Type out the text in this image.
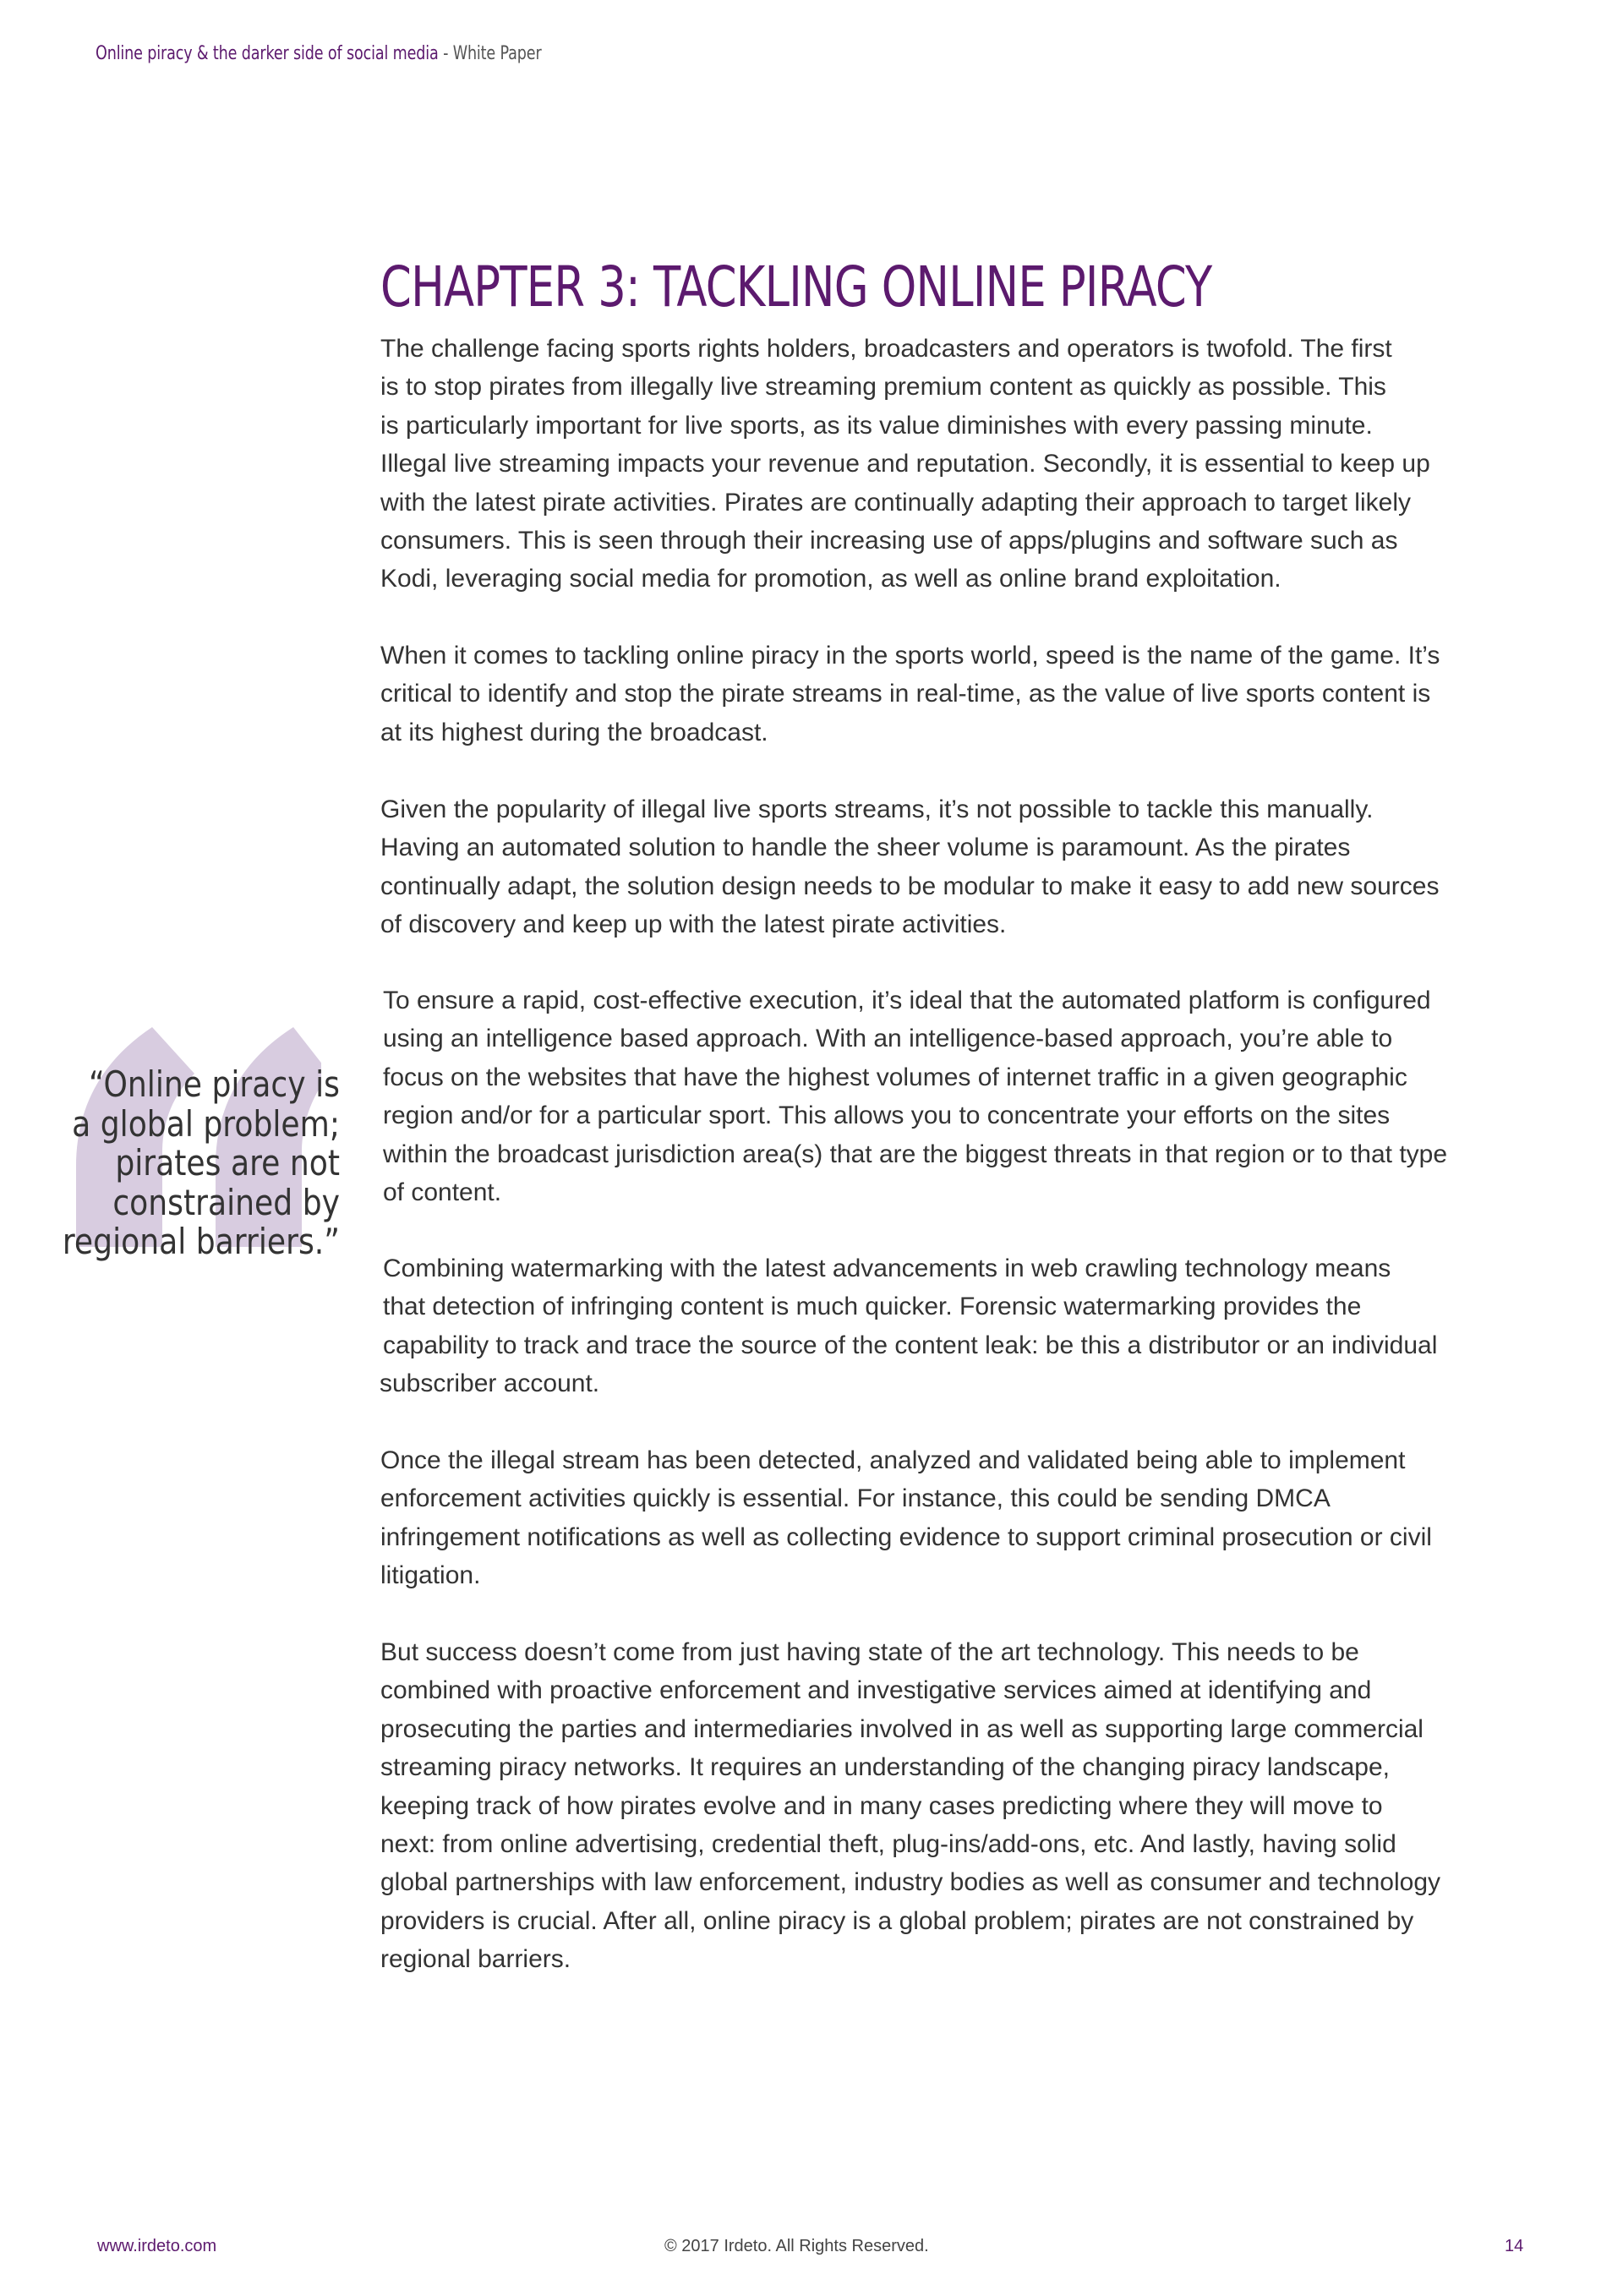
Online piracy & the darker side of social media - White Paper
CHAPTER 3: TACKLING ONLINE PIRACY
The challenge facing sports rights holders, broadcasters and operators is twofold. The first
is to stop pirates from illegally live streaming premium content as quickly as possible. This
is particularly important for live sports, as its value diminishes with every passing minute.
Illegal live streaming impacts your revenue and reputation. Secondly, it is essential to keep up
with the latest pirate activities. Pirates are continually adapting their approach to target likely
consumers. This is seen through their increasing use of apps/plugins and software such as
Kodi, leveraging social media for promotion, as well as online brand exploitation.
When it comes to tackling online piracy in the sports world, speed is the name of the game. It’s
critical to identify and stop the pirate streams in real-time, as the value of live sports content is
at its highest during the broadcast.
Given the popularity of illegal live sports streams, it’s not possible to tackle this manually.
Having an automated solution to handle the sheer volume is paramount. As the pirates
continually adapt, the solution design needs to be modular to make it easy to add new sources
of discovery and keep up with the latest pirate activities.
To ensure a rapid, cost-effective execution, it’s ideal that the automated platform is configured
using an intelligence based approach. With an intelligence-based approach, you’re able to
focus on the websites that have the highest volumes of internet traffic in a given geographic
region and/or for a particular sport. This allows you to concentrate your efforts on the sites
within the broadcast jurisdiction area(s) that are the biggest threats in that region or to that type
of content.
Combining watermarking with the latest advancements in web crawling technology means
that detection of infringing content is much quicker. Forensic watermarking provides the
capability to track and trace the source of the content leak: be this a distributor or an individual
subscriber account.
Once the illegal stream has been detected, analyzed and validated being able to implement
enforcement activities quickly is essential. For instance, this could be sending DMCA
infringement notifications as well as collecting evidence to support criminal prosecution or civil
litigation.
But success doesn’t come from just having state of the art technology. This needs to be
combined with proactive enforcement and investigative services aimed at identifying and
prosecuting the parties and intermediaries involved in as well as supporting large commercial
streaming piracy networks. It requires an understanding of the changing piracy landscape,
keeping track of how pirates evolve and in many cases predicting where they will move to
next: from online advertising, credential theft, plug-ins/add-ons, etc. And lastly, having solid
global partnerships with law enforcement, industry bodies as well as consumer and technology
providers is crucial. After all, online piracy is a global problem; pirates are not constrained by
regional barriers.
“Online piracy is
a global problem;
pirates are not
constrained by
regional barriers.”
www.irdeto.com	© 2017 Irdeto. All Rights Reserved.	14
